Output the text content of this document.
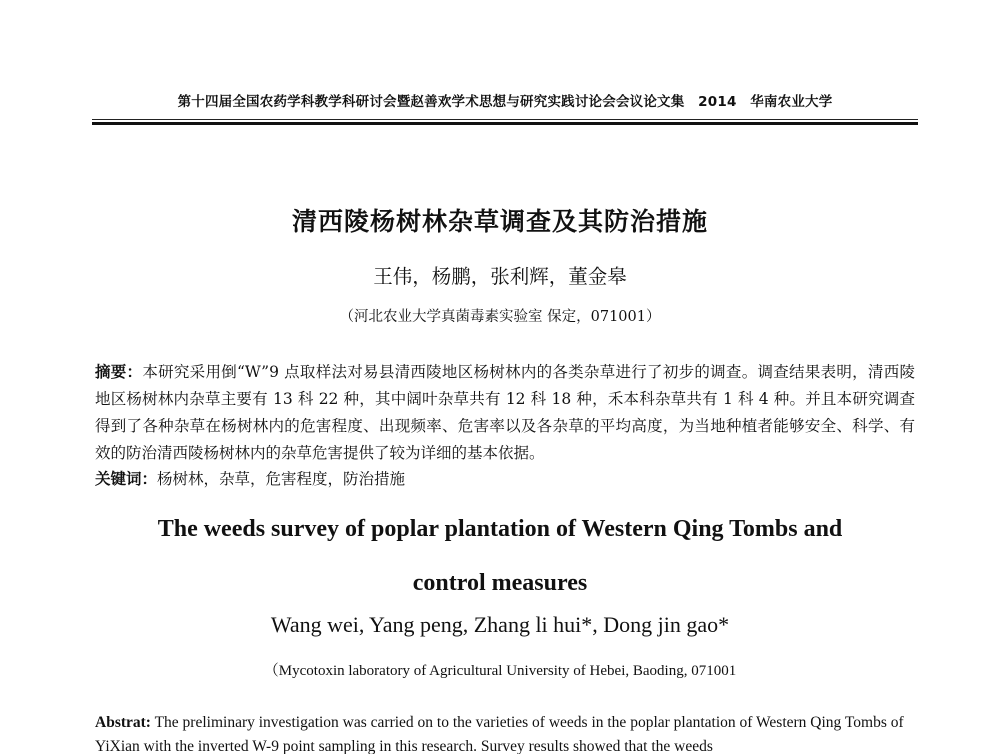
第十四届全国农药学科教学科研讨会暨赵善欢学术思想与研究实践讨论会会议论文集　2014　华南农业大学
清西陵杨树林杂草调查及其防治措施
王伟，杨鹏，张利辉，董金皋
（河北农业大学真菌毒素实验室 保定，071001）
摘要：本研究采用倒“W”9 点取样法对易县清西陵地区杨树林内的各类杂草进行了初步的调查。调查结果表明，清西陵地区杨树林内杂草主要有 13 科 22 种，其中阔叶杂草共有 12 科 18 种，禾本科杂草共有 1 科 4 种。并且本研究调查得到了各种杂草在杨树林内的危害程度、出现频率、危害率以及各杂草的平均高度，为当地种植者能够安全、科学、有效的防治清西陵杨树林内的杂草危害提供了较为详细的基本依据。
关键词：杨树林，杂草，危害程度，防治措施
The weeds survey of poplar plantation of Western Qing Tombs and
control measures
Wang wei, Yang peng, Zhang li hui*, Dong jin gao*
（Mycotoxin laboratory of Agricultural University of Hebei, Baoding, 071001
Abstrat: The preliminary investigation was carried on to the varieties of weeds in the poplar plantation of Western Qing Tombs of YiXian with the inverted W-9 point sampling in this research. Survey results showed that the weeds
